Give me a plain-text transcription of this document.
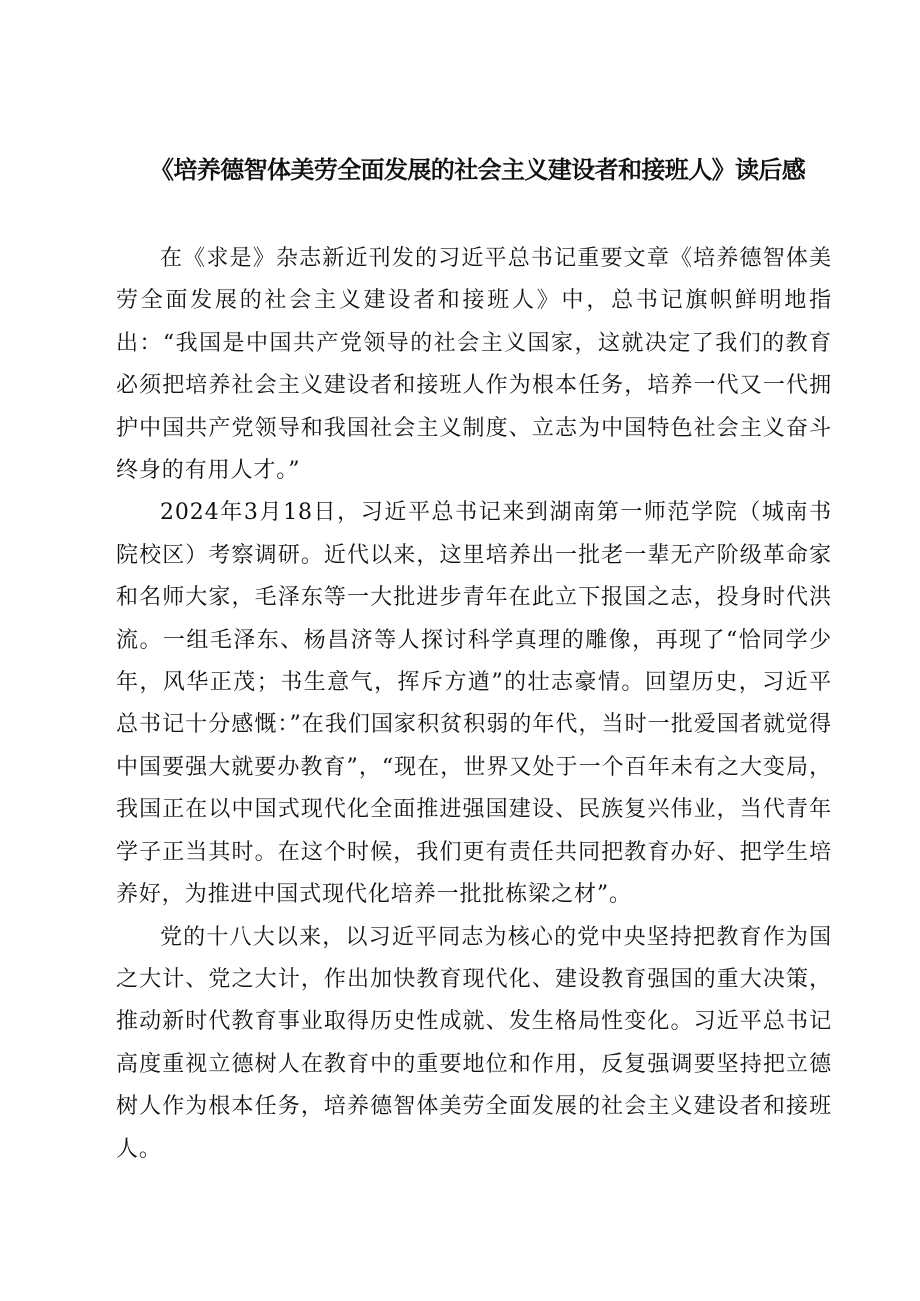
《培养德智体美劳全面发展的社会主义建设者和接班人》读后感

在《求是》杂志新近刊发的习近平总书记重要文章《培养德智体美劳全面发展的社会主义建设者和接班人》中，总书记旗帜鲜明地指出：“我国是中国共产党领导的社会主义国家，这就决定了我们的教育必须把培养社会主义建设者和接班人作为根本任务，培养一代又一代拥护中国共产党领导和我国社会主义制度、立志为中国特色社会主义奋斗终身的有用人才。”

2024年3月18日，习近平总书记来到湖南第一师范学院（城南书院校区）考察调研。近代以来，这里培养出一批老一辈无产阶级革命家和名师大家，毛泽东等一大批进步青年在此立下报国之志，投身时代洪流。一组毛泽东、杨昌济等人探讨科学真理的雕像，再现了“恰同学少年，风华正茂；书生意气，挥斥方遒”的壮志豪情。回望历史，习近平总书记十分感慨：”在我们国家积贫积弱的年代，当时一批爱国者就觉得中国要强大就要办教育”，“现在，世界又处于一个百年未有之大变局，我国正在以中国式现代化全面推进强国建设、民族复兴伟业，当代青年学子正当其时。在这个时候，我们更有责任共同把教育办好、把学生培养好，为推进中国式现代化培养一批批栋梁之材”。

党的十八大以来，以习近平同志为核心的党中央坚持把教育作为国之大计、党之大计，作出加快教育现代化、建设教育强国的重大决策，推动新时代教育事业取得历史性成就、发生格局性变化。习近平总书记高度重视立德树人在教育中的重要地位和作用，反复强调要坚持把立德树人作为根本任务，培养德智体美劳全面发展的社会主义建设者和接班人。
